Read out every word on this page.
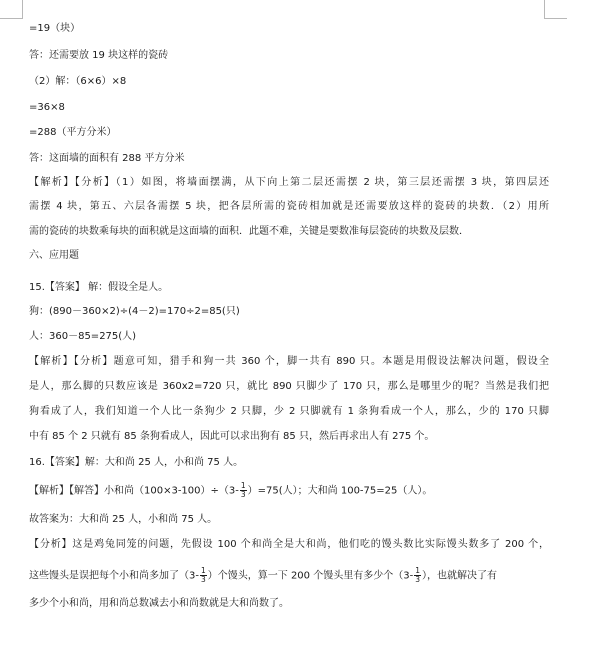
=19（块）
答：还需要放 19 块这样的瓷砖
（2）解：（6×6）×8
=36×8
=288（平方分米）
答：这面墙的面积有 288 平方分米
【解析】【分析】（1）如图，将墙面摆满，从下向上第二层还需摆 2 块，第三层还需摆 3 块，第四层还
需摆 4 块，第五、六层各需摆 5 块，把各层所需的瓷砖相加就是还需要放这样的瓷砖的块数．（2）用所
需的瓷砖的块数乘每块的面积就是这面墙的面积．此题不难，关键是要数准每层瓷砖的块数及层数．
六、应用题
15.【答案】 解：假设全是人。
狗：(890－360×2)÷(4－2)=170÷2=85(只)
人：360－85=275(人)
【解析】【分析】题意可知，猎手和狗一共 360 个，脚一共有 890 只。本题是用假设法解决问题，假设全
是人，那么脚的只数应该是 360x2=720 只，就比 890 只脚少了 170 只，那么是哪里少的呢？当然是我们把
狗看成了人，我们知道一个人比一条狗少 2 只脚，少 2 只脚就有 1 条狗看成一个人，那么，少的 170 只脚
中有 85 个 2 只就有 85 条狗看成人，因此可以求出狗有 85 只，然后再求出人有 275 个。
16.【答案】解：大和尚 25 人，小和尚 75 人。
【解析】【解答】小和尚$(100\times 3-100)\div(3- \frac{1}{3} )=75$(人）；大和尚 100-75=25（人）。
故答案为：大和尚 25 人，小和尚 75 人。
【分析】这是鸡兔同笼的问题，先假设 100 个和尚全是大和尚，他们吃的馒头数比实际馒头数多了 200 个，
这些馒头是误把每个小和尚多加了（$3- \frac{1}{3}$ ）个馒头，算一下 200 个馒头里有多少个（$3- \frac{1}{3}$ ），也就解决了有
多少个小和尚，用和尚总数减去小和尚数就是大和尚数了。
